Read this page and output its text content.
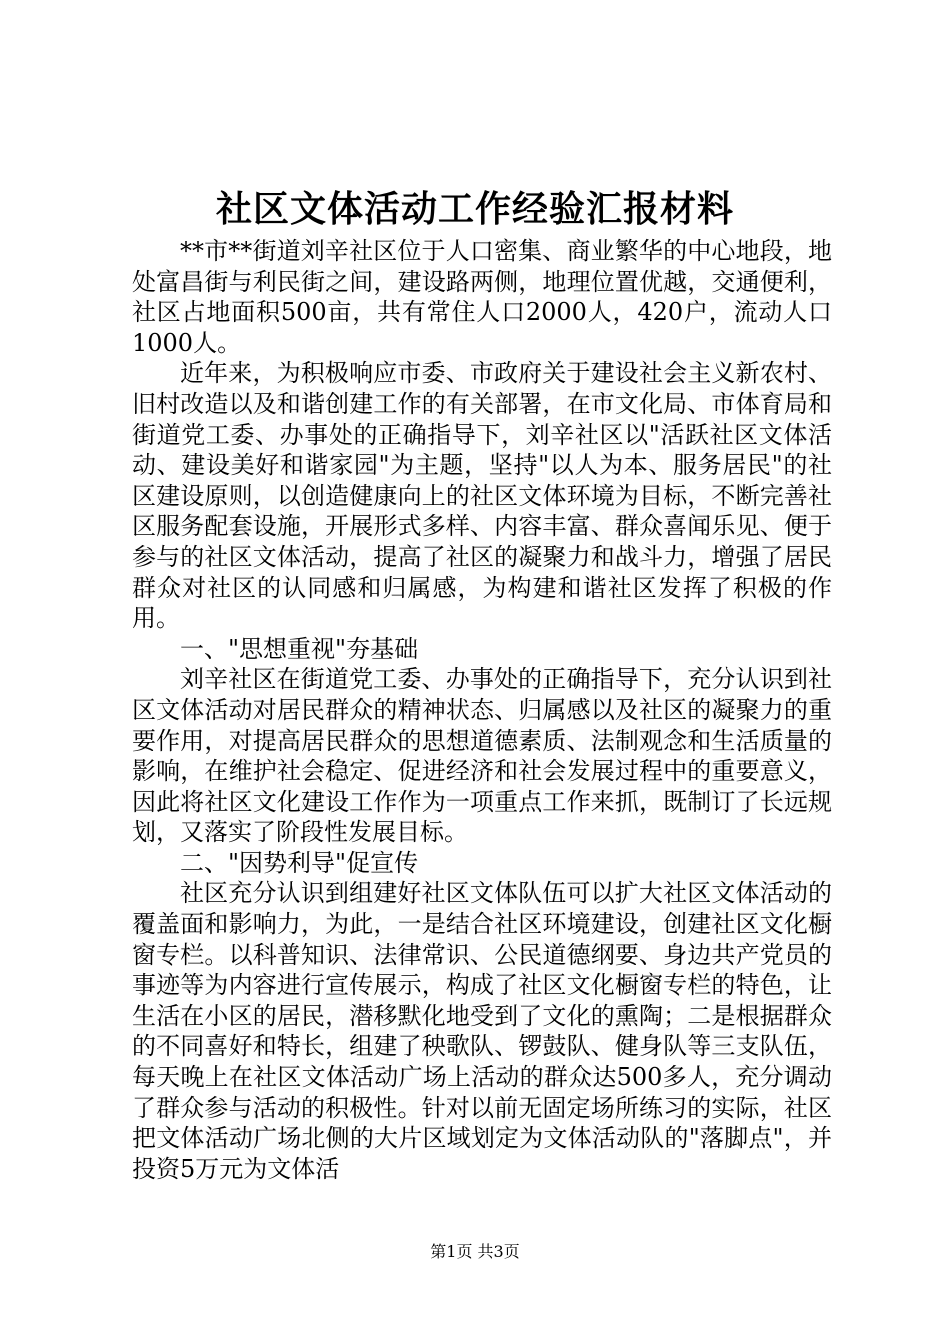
社区文体活动工作经验汇报材料

**市**街道刘辛社区位于人口密集、商业繁华的中心地段，地处富昌街与利民街之间，建设路两侧，地理位置优越，交通便利，社区占地面积500亩，共有常住人口2000人，420户，流动人口1000人。

近年来，为积极响应市委、市政府关于建设社会主义新农村、旧村改造以及和谐创建工作的有关部署，在市文化局、市体育局和街道党工委、办事处的正确指导下，刘辛社区以"活跃社区文体活动、建设美好和谐家园"为主题，坚持"以人为本、服务居民"的社区建设原则，以创造健康向上的社区文体环境为目标，不断完善社区服务配套设施，开展形式多样、内容丰富、群众喜闻乐见、便于参与的社区文体活动，提高了社区的凝聚力和战斗力，增强了居民群众对社区的认同感和归属感，为构建和谐社区发挥了积极的作用。

一、"思想重视"夯基础

刘辛社区在街道党工委、办事处的正确指导下，充分认识到社区文体活动对居民群众的精神状态、归属感以及社区的凝聚力的重要作用，对提高居民群众的思想道德素质、法制观念和生活质量的影响，在维护社会稳定、促进经济和社会发展过程中的重要意义，因此将社区文化建设工作作为一项重点工作来抓，既制订了长远规划，又落实了阶段性发展目标。

二、"因势利导"促宣传

社区充分认识到组建好社区文体队伍可以扩大社区文体活动的覆盖面和影响力，为此，一是结合社区环境建设，创建社区文化橱窗专栏。以科普知识、法律常识、公民道德纲要、身边共产党员的事迹等为内容进行宣传展示，构成了社区文化橱窗专栏的特色，让生活在小区的居民，潜移默化地受到了文化的熏陶；二是根据群众的不同喜好和特长，组建了秧歌队、锣鼓队、健身队等三支队伍，每天晚上在社区文体活动广场上活动的群众达500多人，充分调动了群众参与活动的积极性。针对以前无固定场所练习的实际，社区把文体活动广场北侧的大片区域划定为文体活动队的"落脚点"，并投资5万元为文体活

第1页 共3页
